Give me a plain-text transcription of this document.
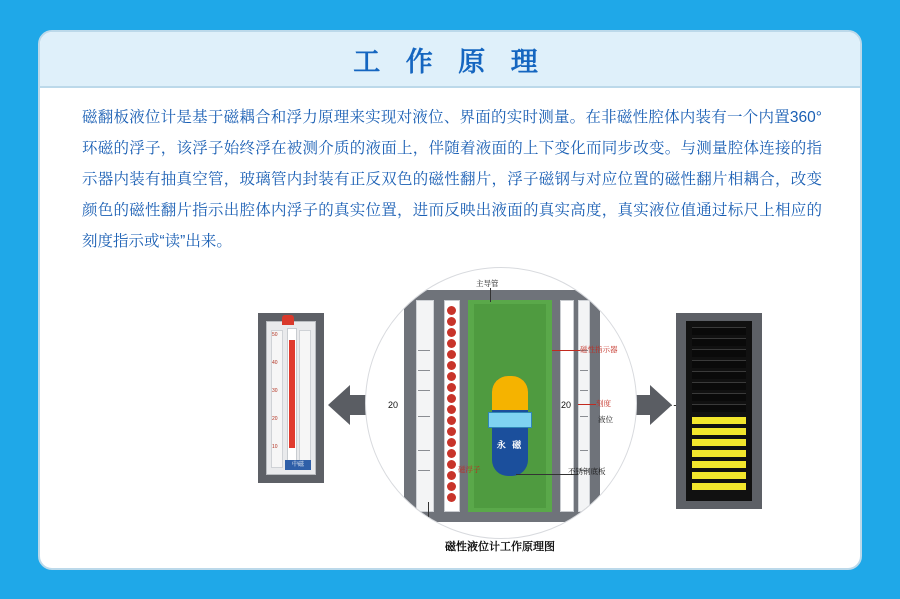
工 作 原 理
磁翻板液位计是基于磁耦合和浮力原理来实现对液位、界面的实时测量。在非磁性腔体内装有一个内置360°环磁的浮子，该浮子始终浮在被测介质的液面上，伴随着液面的上下变化而同步改变。与测量腔体连接的指示器内装有抽真空管，玻璃管内封装有正反双色的磁性翻片，浮子磁钢与对应位置的磁性翻片相耦合，改变颜色的磁性翻片指示出腔体内浮子的真实位置，进而反映出液面的真实高度，真实液位值通过标尺上相应的刻度指示或“读”出来。
50
40
30
20
10
中磁
永 磁
主导管
20	20
磁性指示器
刻度
液位
不锈钢底板
磁浮子
磁翻柱
磁性液位计工作原理图
